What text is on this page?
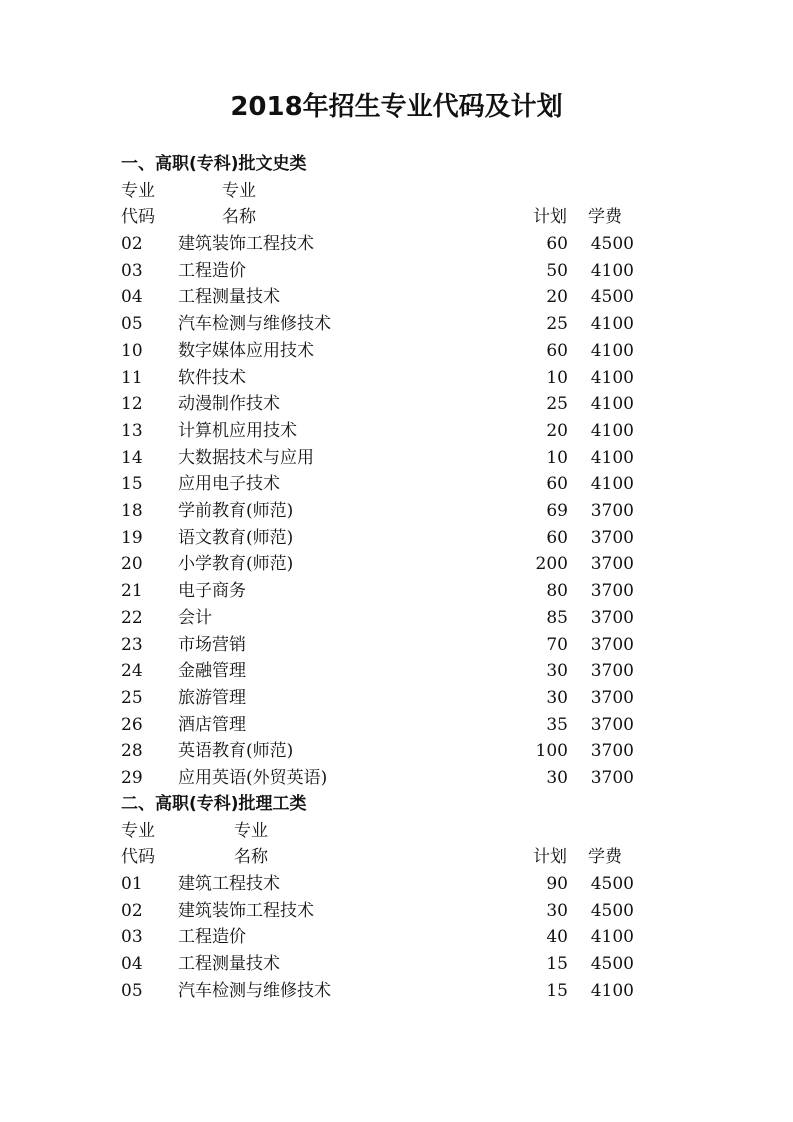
2018年招生专业代码及计划
一、高职(专科)批文史类
专业	专业
代码	名称	计划 学费
02 建筑装饰工程技术	60 4500
03 工程造价	50 4100
04 工程测量技术	20 4500
05 汽车检测与维修技术	25 4100
10 数字媒体应用技术	60 4100
11 软件技术	10 4100
12 动漫制作技术	25 4100
13 计算机应用技术	20 4100
14 大数据技术与应用	10 4100
15 应用电子技术	60 4100
18 学前教育(师范)	69 3700
19 语文教育(师范)	60 3700
20 小学教育(师范)	200 3700
21 电子商务	80 3700
22 会计	85 3700
23 市场营销	70 3700
24 金融管理	30 3700
25 旅游管理	30 3700
26 酒店管理	35 3700
28 英语教育(师范)	100 3700
29 应用英语(外贸英语)	30 3700
二、高职(专科)批理工类
专业	专业
代码	名称	计划 学费
01 建筑工程技术	90 4500
02 建筑装饰工程技术	30 4500
03 工程造价	40 4100
04 工程测量技术	15 4500
05 汽车检测与维修技术	15 4100
